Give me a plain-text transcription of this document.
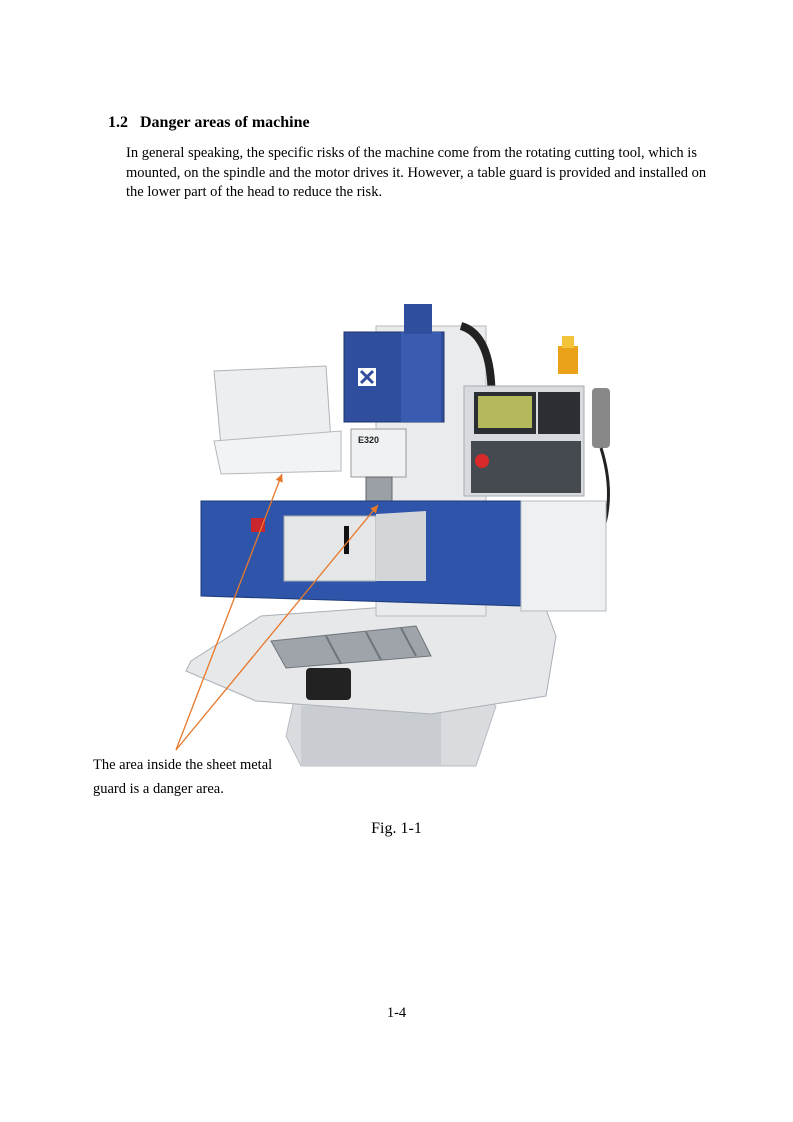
1.2 Danger areas of machine

In general speaking, the specific risks of the machine come from the rotating cutting tool, which is mounted, on the spindle and the motor drives it. However, a table guard is provided and installed on the lower part of the head to reduce the risk.

E320

The area inside the sheet metal
guard is a danger area.

Fig. 1-1

1-4
